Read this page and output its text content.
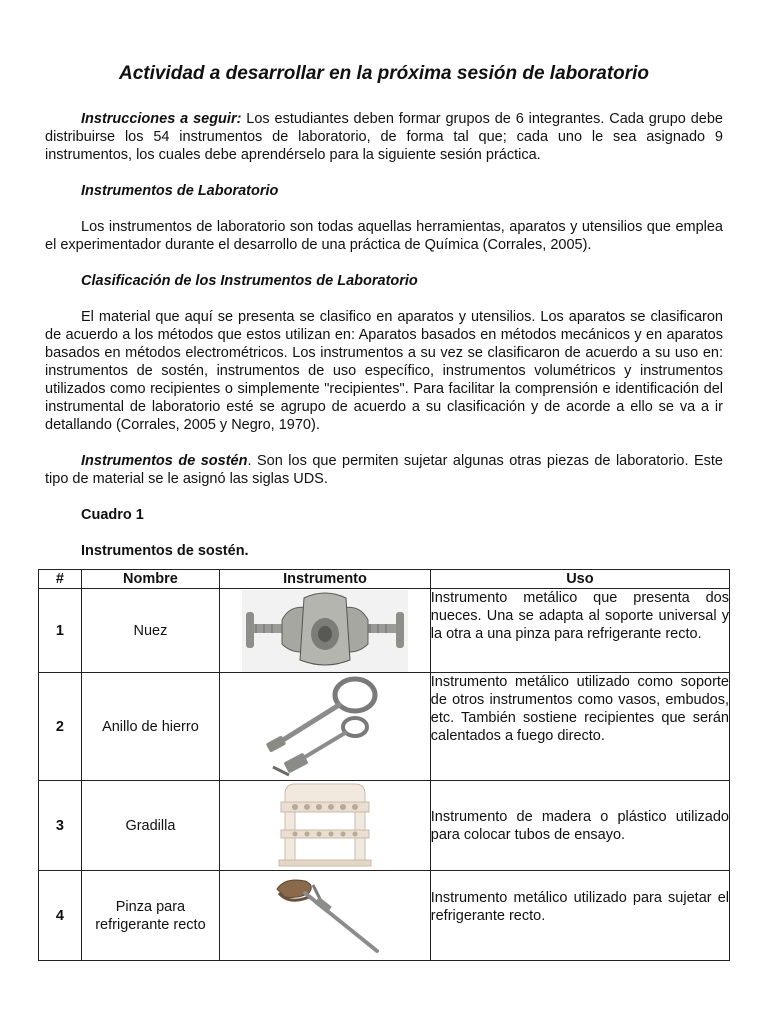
Actividad a desarrollar en la próxima sesión de laboratorio

Instrucciones a seguir: Los estudiantes deben formar grupos de 6 integrantes. Cada grupo debe distribuirse los 54 instrumentos de laboratorio, de forma tal que; cada uno le sea asignado 9 instrumentos, los cuales debe aprendérselo para la siguiente sesión práctica.

Instrumentos de Laboratorio

Los instrumentos de laboratorio son todas aquellas herramientas, aparatos y utensilios que emplea el experimentador durante el desarrollo de una práctica de Química (Corrales, 2005).

Clasificación de los Instrumentos de Laboratorio

El material que aquí se presenta se clasifico en aparatos y utensilios. Los aparatos se clasificaron de acuerdo a los métodos que estos utilizan en: Aparatos basados en métodos mecánicos y en aparatos basados en métodos electrométricos. Los instrumentos a su vez se clasificaron de acuerdo a su uso en: instrumentos de sostén, instrumentos de uso específico, instrumentos volumétricos y instrumentos utilizados como recipientes o simplemente "recipientes". Para facilitar la comprensión e identificación del instrumental de laboratorio esté se agrupo de acuerdo a su clasificación y de acorde a ello se va a ir detallando (Corrales, 2005 y Negro, 1970).

Instrumentos de sostén. Son los que permiten sujetar algunas otras piezas de laboratorio. Este tipo de material se le asignó las siglas UDS.

Cuadro 1
Instrumentos de sostén.
#	Nombre	Instrumento	Uso
1	Nuez		Instrumento metálico que presenta dos nueces. Una se adapta al soporte universal y la otra a una pinza para refrigerante recto.
2	Anillo de hierro		Instrumento metálico utilizado como soporte de otros instrumentos como vasos, embudos, etc. También sostiene recipientes que serán calentados a fuego directo.
3	Gradilla		Instrumento de madera o plástico utilizado para colocar tubos de ensayo.
4	Pinza para refrigerante recto		Instrumento metálico utilizado para sujetar el refrigerante recto.
